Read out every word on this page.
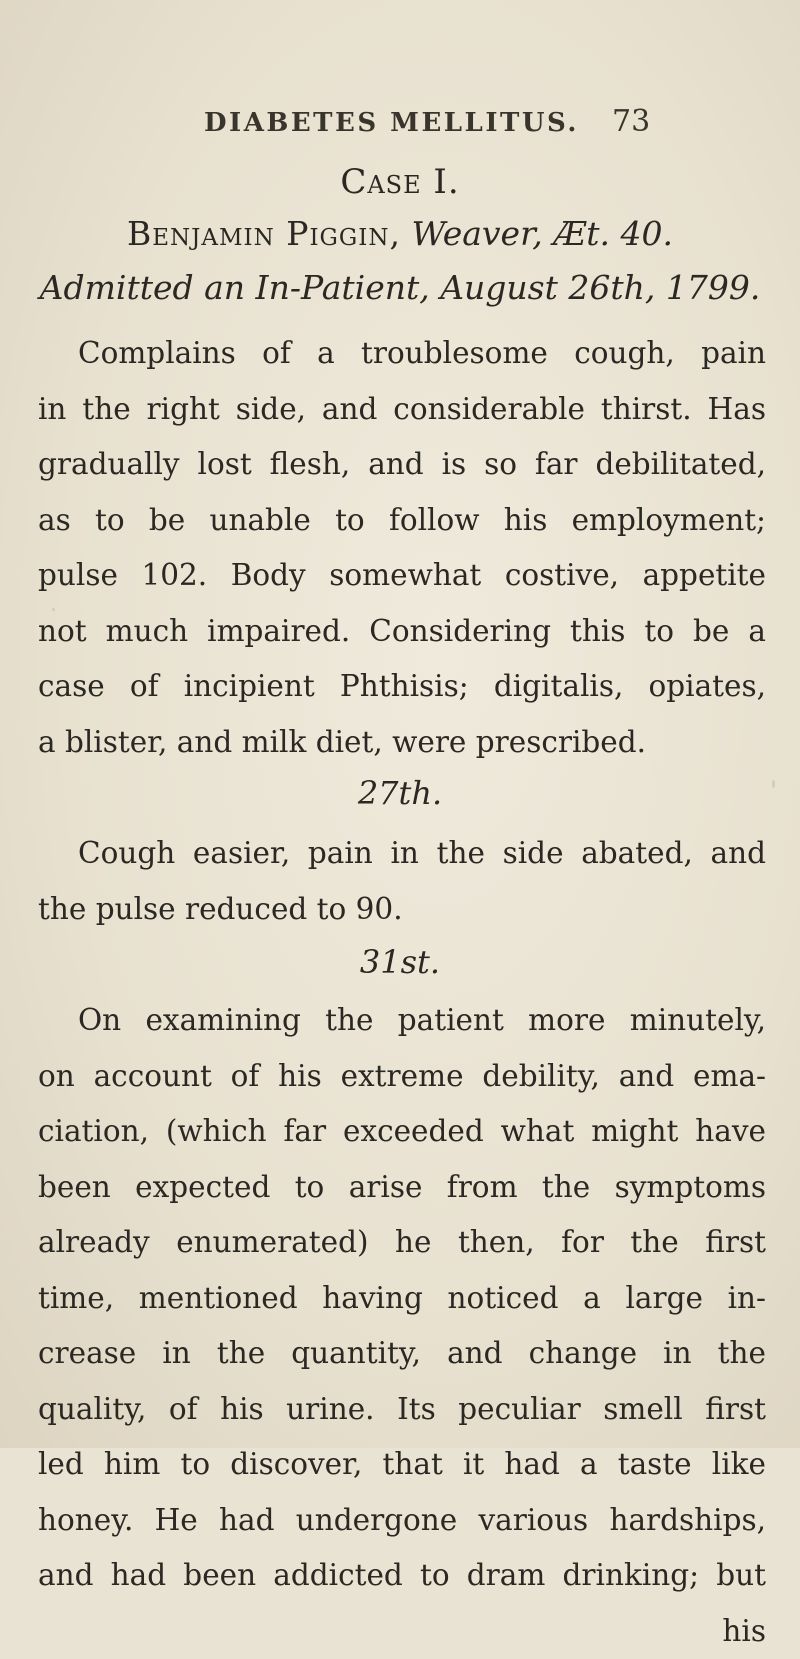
DIABETES MELLITUS. 73
Case I.
Benjamin Piggin, Weaver, Æt. 40.
Admitted an In-Patient, August 26th, 1799.
Complains of a troublesome cough, pain
in the right side, and considerable thirst. Has
gradually lost flesh, and is so far debilitated,
as to be unable to follow his employment;
pulse 102. Body somewhat costive, appetite
not much impaired. Considering this to be a
case of incipient Phthisis; digitalis, opiates,
a blister, and milk diet, were prescribed.
27th.
Cough easier, pain in the side abated, and
the pulse reduced to 90.
31st.
On examining the patient more minutely,
on account of his extreme debility, and ema-
ciation, (which far exceeded what might have
been expected to arise from the symptoms
already enumerated) he then, for the first
time, mentioned having noticed a large in-
crease in the quantity, and change in the
quality, of his urine. Its peculiar smell first
led him to discover, that it had a taste like
honey. He had undergone various hardships,
and had been addicted to dram drinking; but
his
